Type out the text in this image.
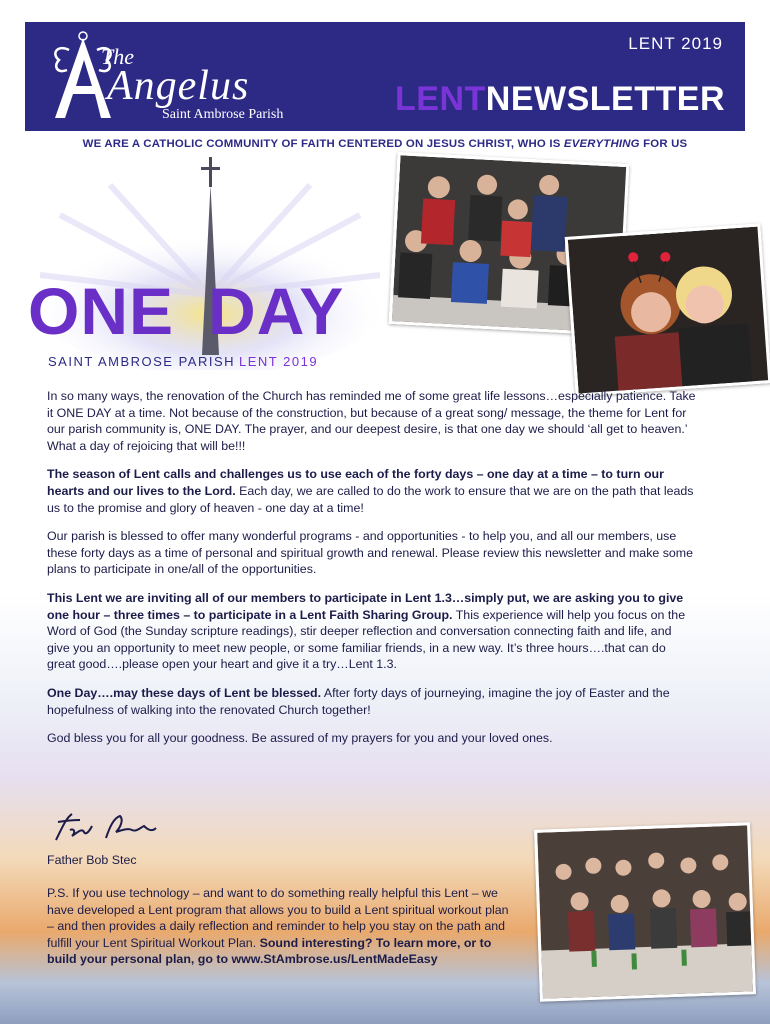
The
Angelus
Saint Ambrose Parish
LENT 2019
LENTNEWSLETTER
WE ARE A CATHOLIC COMMUNITY OF FAITH CENTERED ON JESUS CHRIST, WHO IS EVERYTHING FOR US
ONE DAY
SAINT AMBROSE PARISH LENT 2019

In so many ways, the renovation of the Church has reminded me of some great life lessons…especially patience. Take it ONE DAY at a time. Not because of the construction, but because of a great song/ message, the theme for Lent for our parish community is, ONE DAY. The prayer, and our deepest desire, is that one day we should ‘all get to heaven.’ What a day of rejoicing that will be!!!

The season of Lent calls and challenges us to use each of the forty days – one day at a time – to turn our hearts and our lives to the Lord. Each day, we are called to do the work to ensure that we are on the path that leads us to the promise and glory of heaven - one day at a time!

Our parish is blessed to offer many wonderful programs - and opportunities - to help you, and all our members, use these forty days as a time of personal and spiritual growth and renewal. Please review this newsletter and make some plans to participate in one/all of the opportunities.

This Lent we are inviting all of our members to participate in Lent 1.3…simply put, we are asking you to give one hour – three times – to participate in a Lent Faith Sharing Group. This experience will help you focus on the Word of God (the Sunday scripture readings), stir deeper reflection and conversation connecting faith and life, and give you an opportunity to meet new people, or some familiar friends, in a new way. It’s three hours….that can do great good….please open your heart and give it a try…Lent 1.3.

One Day….may these days of Lent be blessed. After forty days of journeying, imagine the joy of Easter and the hopefulness of walking into the renovated Church together!

God bless you for all your goodness. Be assured of my prayers for you and your loved ones.

Father Bob Stec
P.S. If you use technology – and want to do something really helpful this Lent – we have developed a Lent program that allows you to build a Lent spiritual workout plan – and then provides a daily reflection and reminder to help you stay on the path and fulfill your Lent Spiritual Workout Plan. Sound interesting? To learn more, or to build your personal plan, go to www.StAmbrose.us/LentMadeEasy
